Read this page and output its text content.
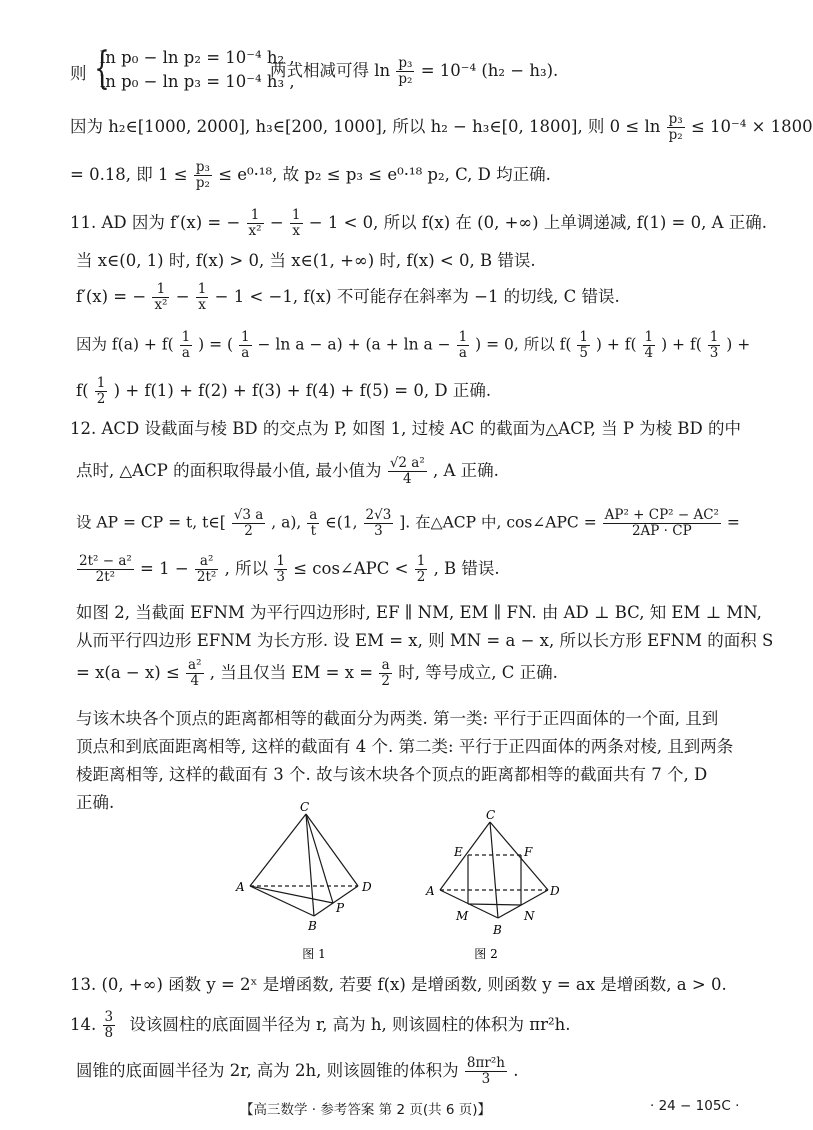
则 {
ln p₀ − ln p₂ = 10⁻⁴ h₂ ,
ln p₀ − ln p₃ = 10⁻⁴ h₃ ,
两式相减可得 $\ln \frac{\text{p₃}}{\text{p₂}} = 10^{-4}$ (h₂ − h₃).
因为 h₂∈[1000, 2000], h₃∈[200, 1000], 所以 h₂ − h₃∈[0, 1800], 则 $0 \le \ln \frac{\text{p₃}}{\text{p₂}} \le 10^{-4} \times 1800$
= 0.18, 即 $1 \le \frac{\text{p₃}}{\text{p₂}} \le e^0\cdot^{18}$, 故 p₂ ≤ p₃ ≤ e⁰·¹⁸ p₂, C, D 均正确.
11. AD 因为 f′(x) = − $\frac{1}{\text{x²}} - \frac{1}{x} - 1 < 0$, 所以 f(x) 在 (0, +∞) 上单调递减, f(1) = 0, A 正确.
当 x∈(0, 1) 时, f(x) > 0, 当 x∈(1, +∞) 时, f(x) < 0, B 错误.
f′(x) = − $\frac{1}{\text{x²}} - \frac{1}{x} - 1 < -1$, f(x) 不可能存在斜率为 −1 的切线, C 错误.
因为 $f(a) + f( \frac{1}{a}$ ) = ( $\frac{1}{a} - \ln a - a) + (a + \ln a - \frac{1}{a}$ ) = 0, 所以 $f( \frac{1}{5}$ ) + $f( \frac{1}{4}$ ) + $f( \frac{1}{3}$ ) +
$f( \frac{1}{2}$ ) + f(1) + f(2) + f(3) + f(4) + f(5) = 0, D 正确.
12. ACD 设截面与棱 BD 的交点为 P, 如图 1, 过棱 AC 的截面为△ACP, 当 P 为棱 BD 的中
点时, △ACP 的面积取得最小值, 最小值为 $\frac{\text{√2 a²}}{4}$ , A 正确.
设 AP = CP = t, t∈[ $\frac{√3 a}{2}$ , a), $\frac{a}{t}$ ∈(1, $\frac{2√3}{3}$ ]. 在△ACP 中, cos∠APC = $\frac{\text{AP² + CP² − AC²}}{2AP \cdot CP}$ =
$\frac{\text{2t² − a²}}{\text{2t²}} = 1 - \frac{\text{a²}}{\text{2t²}}$ , 所以 $\frac{1}{3}$ ≤ cos∠APC < $\frac{1}{2}$ , B 错误.
如图 2, 当截面 EFNM 为平行四边形时, EF ∥ NM, EM ∥ FN. 由 AD ⊥ BC, 知 EM ⊥ MN,
从而平行四边形 EFNM 为长方形. 设 EM = x, 则 MN = a − x, 所以长方形 EFNM 的面积 S
= $x(a - x) \le \frac{\text{a²}}{4}$ , 当且仅当 EM = $x = \frac{a}{2}$ 时, 等号成立, C 正确.
与该木块各个顶点的距离都相等的截面分为两类. 第一类: 平行于正四面体的一个面, 且到
顶点和到底面距离相等, 这样的截面有 4 个. 第二类: 平行于正四面体的两条对棱, 且到两条
棱距离相等, 这样的截面有 3 个. 故与该木块各个顶点的距离都相等的截面共有 7 个, D
正确.	C
A	D
B
P
图 1
C
E	F
A	D
M
B
N
图 2
13. (0, +∞) 函数 y = 2ˣ 是增函数, 若要 f(x) 是增函数, 则函数 y = ax 是增函数, a > 0.
14. $\frac{3}{8}$ 设该圆柱的底面圆半径为 r, 高为 h, 则该圆柱的体积为 πr²h.
圆锥的底面圆半径为 2r, 高为 2h, 则该圆锥的体积为 $\frac{\text{8πr²h}}{3}$ .
【高三数学 · 参考答案 第 2 页(共 6 页)】	· 24 − 105C ·
